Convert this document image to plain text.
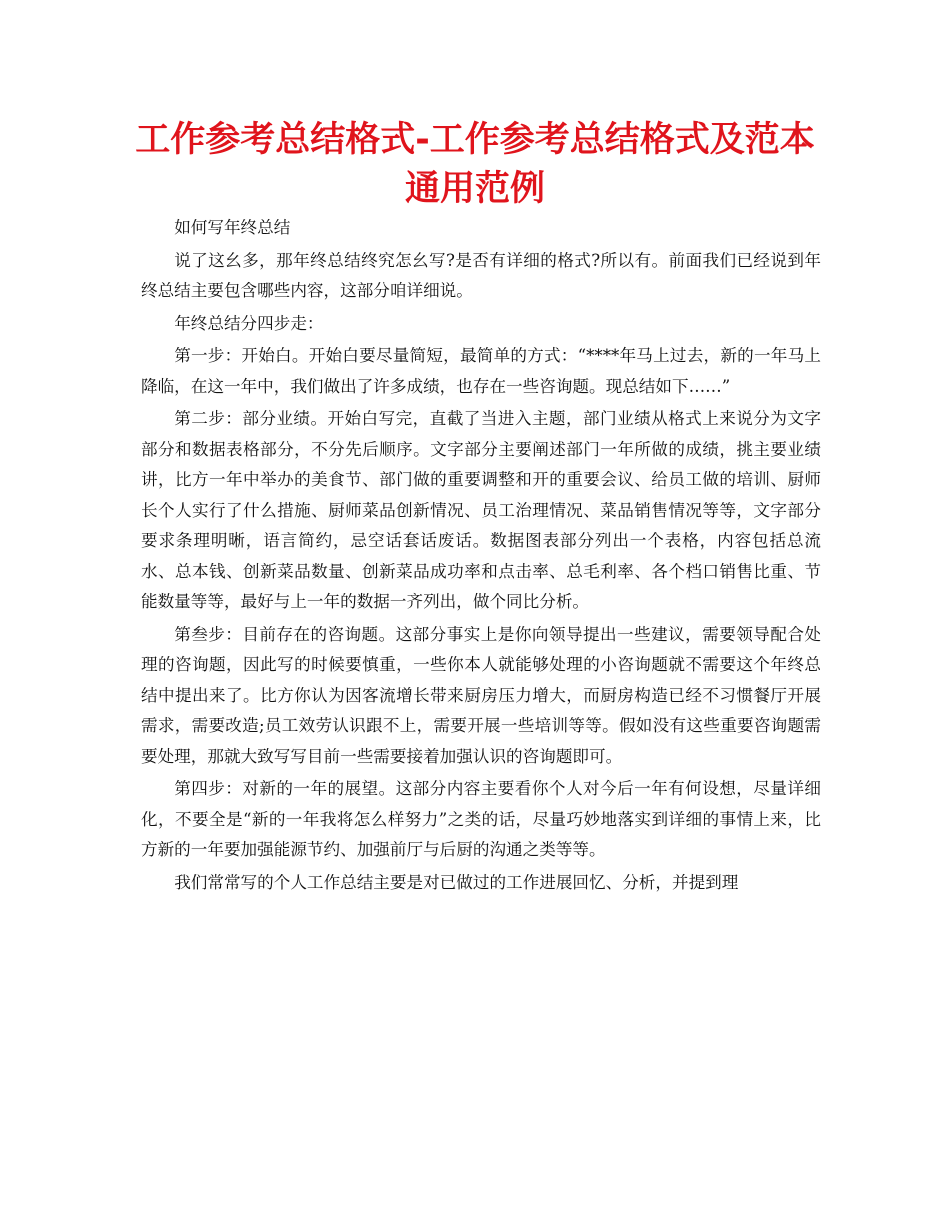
工作参考总结格式-工作参考总结格式及范本通用范例

如何写年终总结

说了这幺多，那年终总结终究怎幺写?是否有详细的格式?所以有。前面我们已经说到年终总结主要包含哪些内容，这部分咱详细说。

年终总结分四步走：

第一步：开始白。开始白要尽量简短，最简单的方式：“****年马上过去，新的一年马上降临，在这一年中，我们做出了许多成绩，也存在一些咨询题。现总结如下……”

第二步：部分业绩。开始白写完，直截了当进入主题，部门业绩从格式上来说分为文字部分和数据表格部分，不分先后顺序。文字部分主要阐述部门一年所做的成绩，挑主要业绩讲，比方一年中举办的美食节、部门做的重要调整和开的重要会议、给员工做的培训、厨师长个人实行了什么措施、厨师菜品创新情况、员工治理情况、菜品销售情况等等，文字部分要求条理明晰，语言简约，忌空话套话废话。数据图表部分列出一个表格，内容包括总流水、总本钱、创新菜品数量、创新菜品成功率和点击率、总毛利率、各个档口销售比重、节能数量等等，最好与上一年的数据一齐列出，做个同比分析。

第叁步：目前存在的咨询题。这部分事实上是你向领导提出一些建议，需要领导配合处理的咨询题，因此写的时候要慎重，一些你本人就能够处理的小咨询题就不需要这个年终总结中提出来了。比方你认为因客流增长带来厨房压力增大，而厨房构造已经不习惯餐厅开展需求，需要改造;员工效劳认识跟不上，需要开展一些培训等等。假如没有这些重要咨询题需要处理，那就大致写写目前一些需要接着加强认识的咨询题即可。

第四步：对新的一年的展望。这部分内容主要看你个人对今后一年有何设想，尽量详细化，不要全是“新的一年我将怎么样努力”之类的话，尽量巧妙地落实到详细的事情上来，比方新的一年要加强能源节约、加强前厅与后厨的沟通之类等等。

我们常常写的个人工作总结主要是对已做过的工作进展回忆、分析，并提到理
